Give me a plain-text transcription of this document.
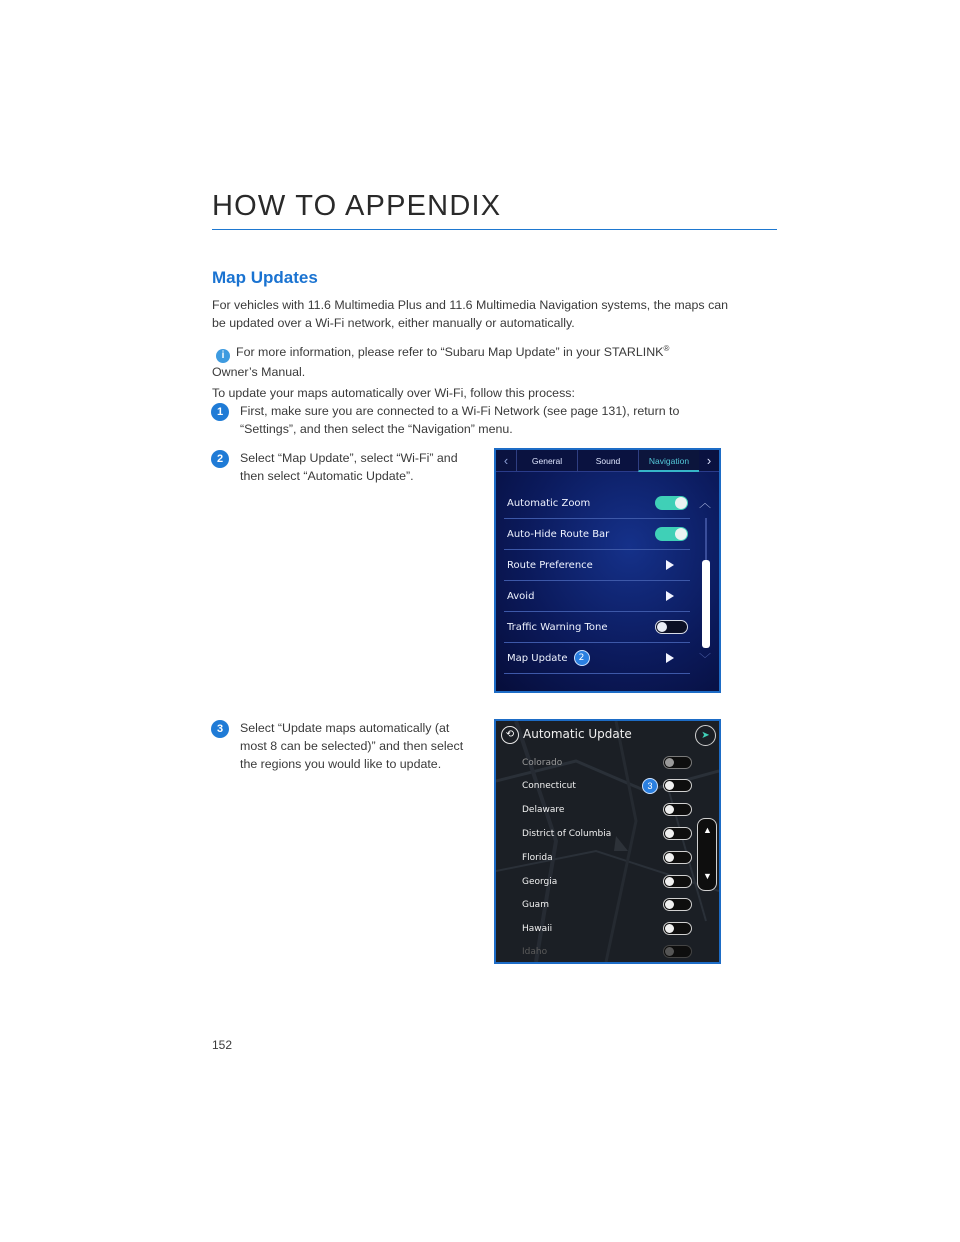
HOW TO APPENDIX
Map Updates
For vehicles with 11.6 Multimedia Plus and 11.6 Multimedia Navigation systems, the maps can be updated over a Wi-Fi network, either manually or automatically.
i For more information, please refer to “Subaru Map Update” in your STARLINK®
Owner’s Manual.
To update your maps automatically over Wi-Fi, follow this process:
1	First, make sure you are connected to a Wi-Fi Network (see page 131), return to
“Settings”, and then select the “Navigation” menu.
2	Select “Map Update”, select “Wi-Fi” and
then select “Automatic Update”.
‹	General	Sound	Navigation	›
Automatic Zoom
Auto-Hide Route Bar
Route Preference
Avoid
Traffic Warning Tone
Map Update 2
︿
﹀
3	Select “Update maps automatically (at
most 8 can be selected)” and then select
the regions you would like to update.
⟲ Automatic Update	➤
Colorado
Connecticut	3
Delaware
District of Columbia
Florida
Georgia
Guam
Hawaii
Idaho
▲
▼
152
